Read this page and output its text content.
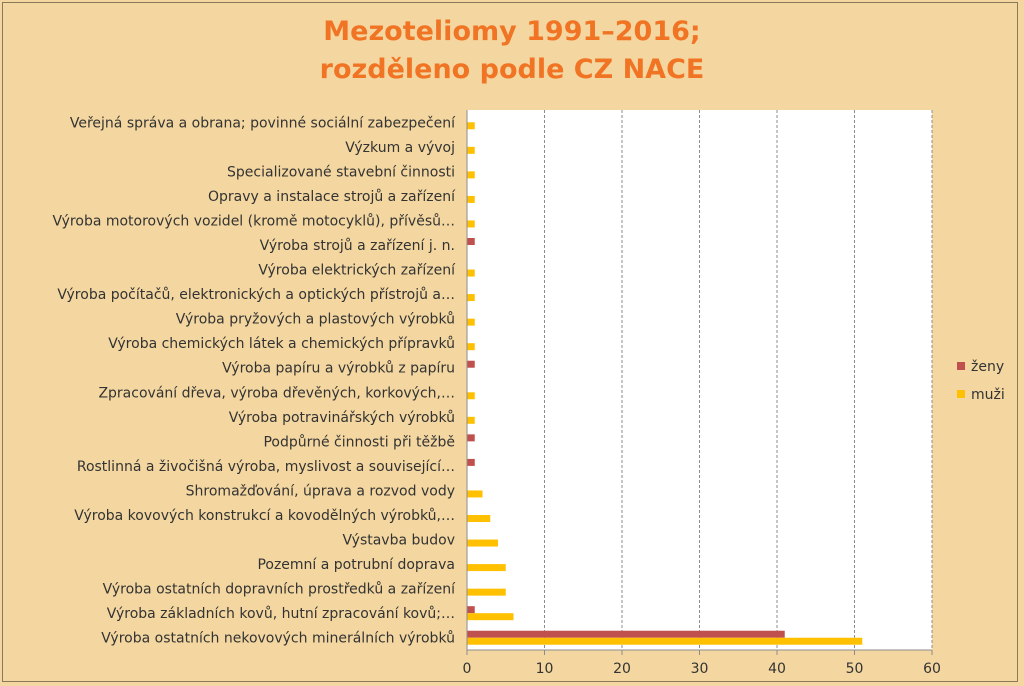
Mezoteliomy 1991–2016;
rozděleno podle CZ NACE
Veřejná správa a obrana; povinné sociální zabezpečení
Výzkum a vývoj
Specializované stavební činnosti
Opravy a instalace strojů a zařízení
Výroba motorových vozidel (kromě motocyklů), přívěsů…
Výroba strojů a zařízení j. n.
Výroba elektrických zařízení
Výroba počítačů, elektronických a optických přístrojů a…
Výroba pryžových a plastových výrobků
Výroba chemických látek a chemických přípravků
Výroba papíru a výrobků z papíru
Zpracování dřeva, výroba dřevěných, korkových,…
Výroba potravinářských výrobků
Podpůrné činnosti při těžbě
Rostlinná a živočišná výroba, myslivost a související…
Shromažďování, úprava a rozvod vody
Výroba kovových konstrukcí a kovodělných výrobků,…
Výstavba budov
Pozemní a potrubní doprava
Výroba ostatních dopravních prostředků a zařízení
Výroba základních kovů, hutní zpracování kovů;…
Výroba ostatních nekovových minerálních výrobků
0	10	20	30	40	50	60
ženy
muži
